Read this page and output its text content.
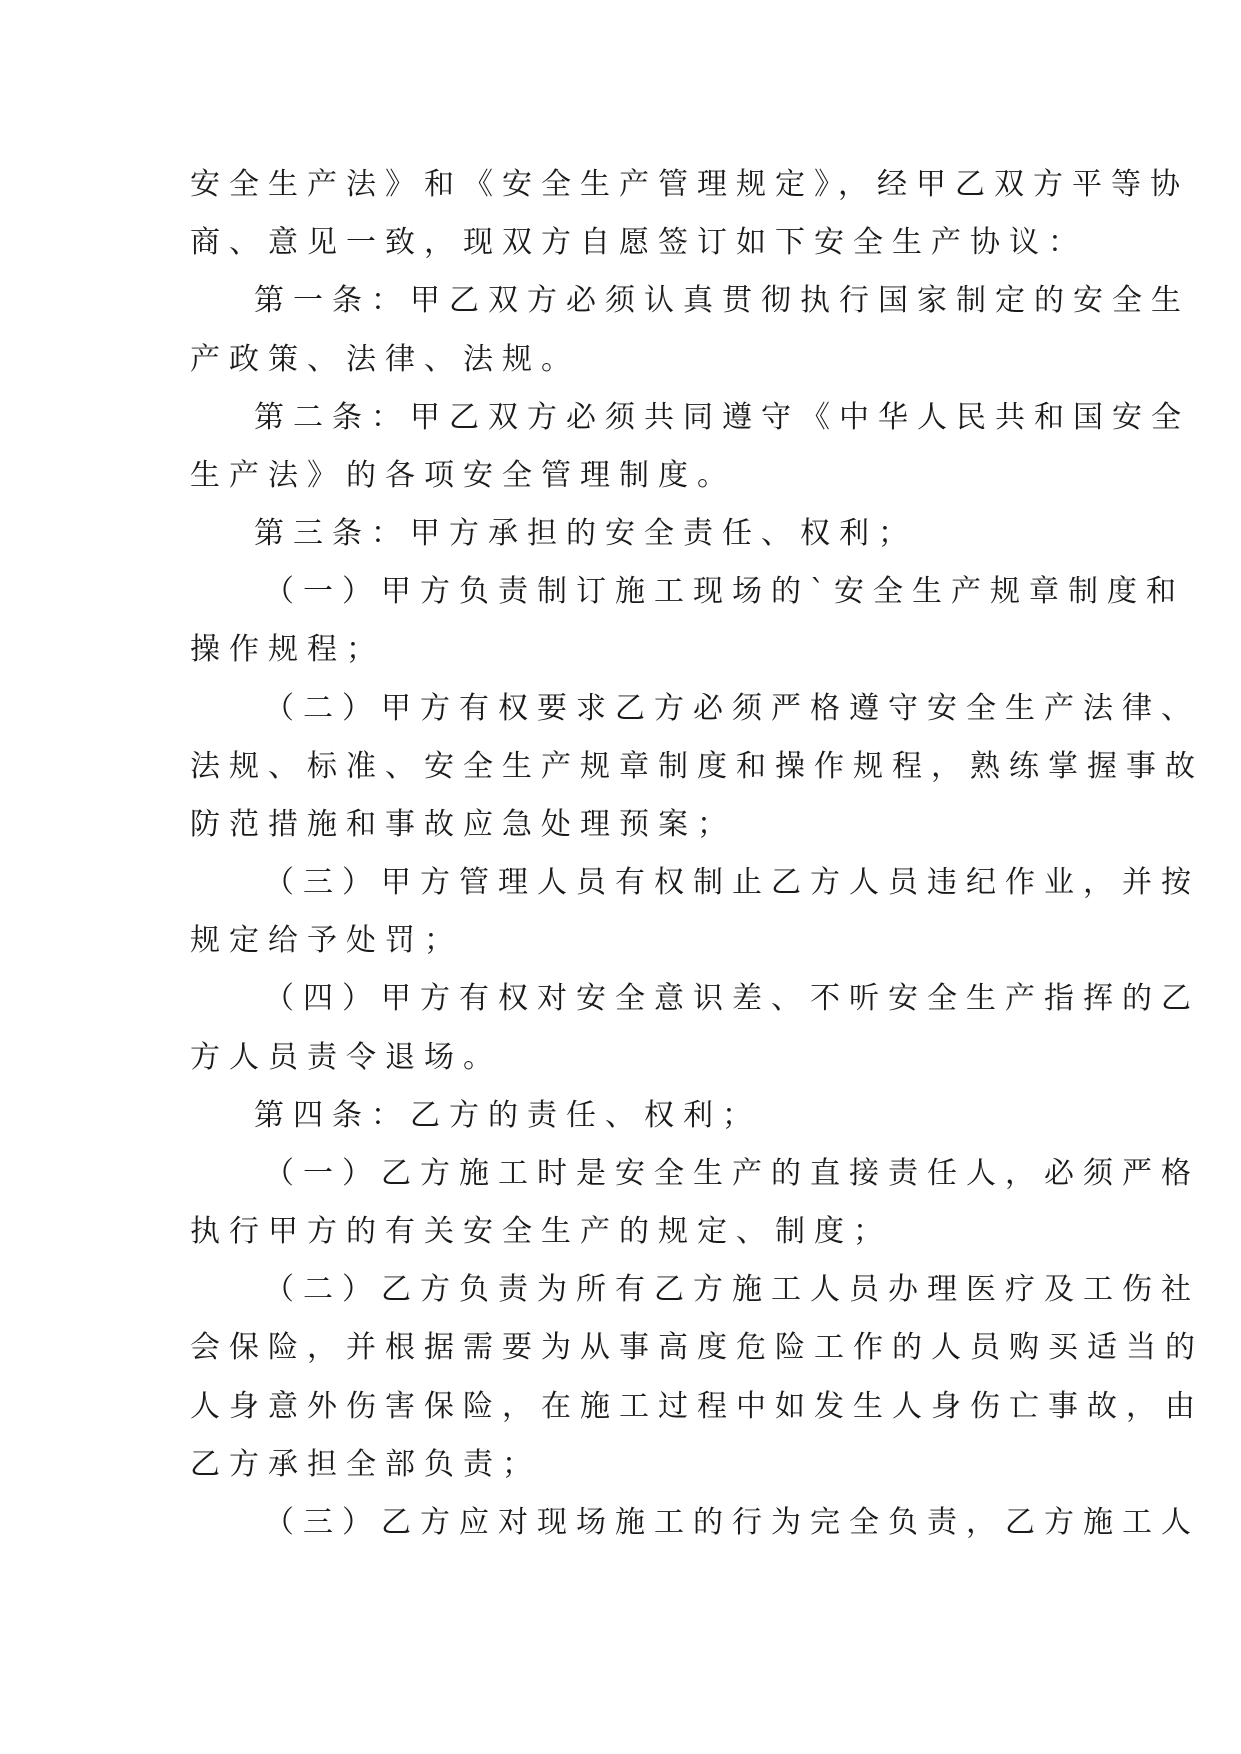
安全生产法》和《安全生产管理规定》，经甲乙双方平等协
商、意见一致，现双方自愿签订如下安全生产协议：
第一条：甲乙双方必须认真贯彻执行国家制定的安全生
产政策、法律、法规。
第二条：甲乙双方必须共同遵守《中华人民共和国安全
生产法》的各项安全管理制度。
第三条：甲方承担的安全责任、权利；
（一）甲方负责制订施工现场的`安全生产规章制度和
操作规程；
（二）甲方有权要求乙方必须严格遵守安全生产法律、
法规、标准、安全生产规章制度和操作规程，熟练掌握事故
防范措施和事故应急处理预案；
（三）甲方管理人员有权制止乙方人员违纪作业，并按
规定给予处罚；
（四）甲方有权对安全意识差、不听安全生产指挥的乙
方人员责令退场。
第四条：乙方的责任、权利；
（一）乙方施工时是安全生产的直接责任人，必须严格
执行甲方的有关安全生产的规定、制度；
（二）乙方负责为所有乙方施工人员办理医疗及工伤社
会保险，并根据需要为从事高度危险工作的人员购买适当的
人身意外伤害保险，在施工过程中如发生人身伤亡事故，由
乙方承担全部负责；
（三）乙方应对现场施工的行为完全负责，乙方施工人
